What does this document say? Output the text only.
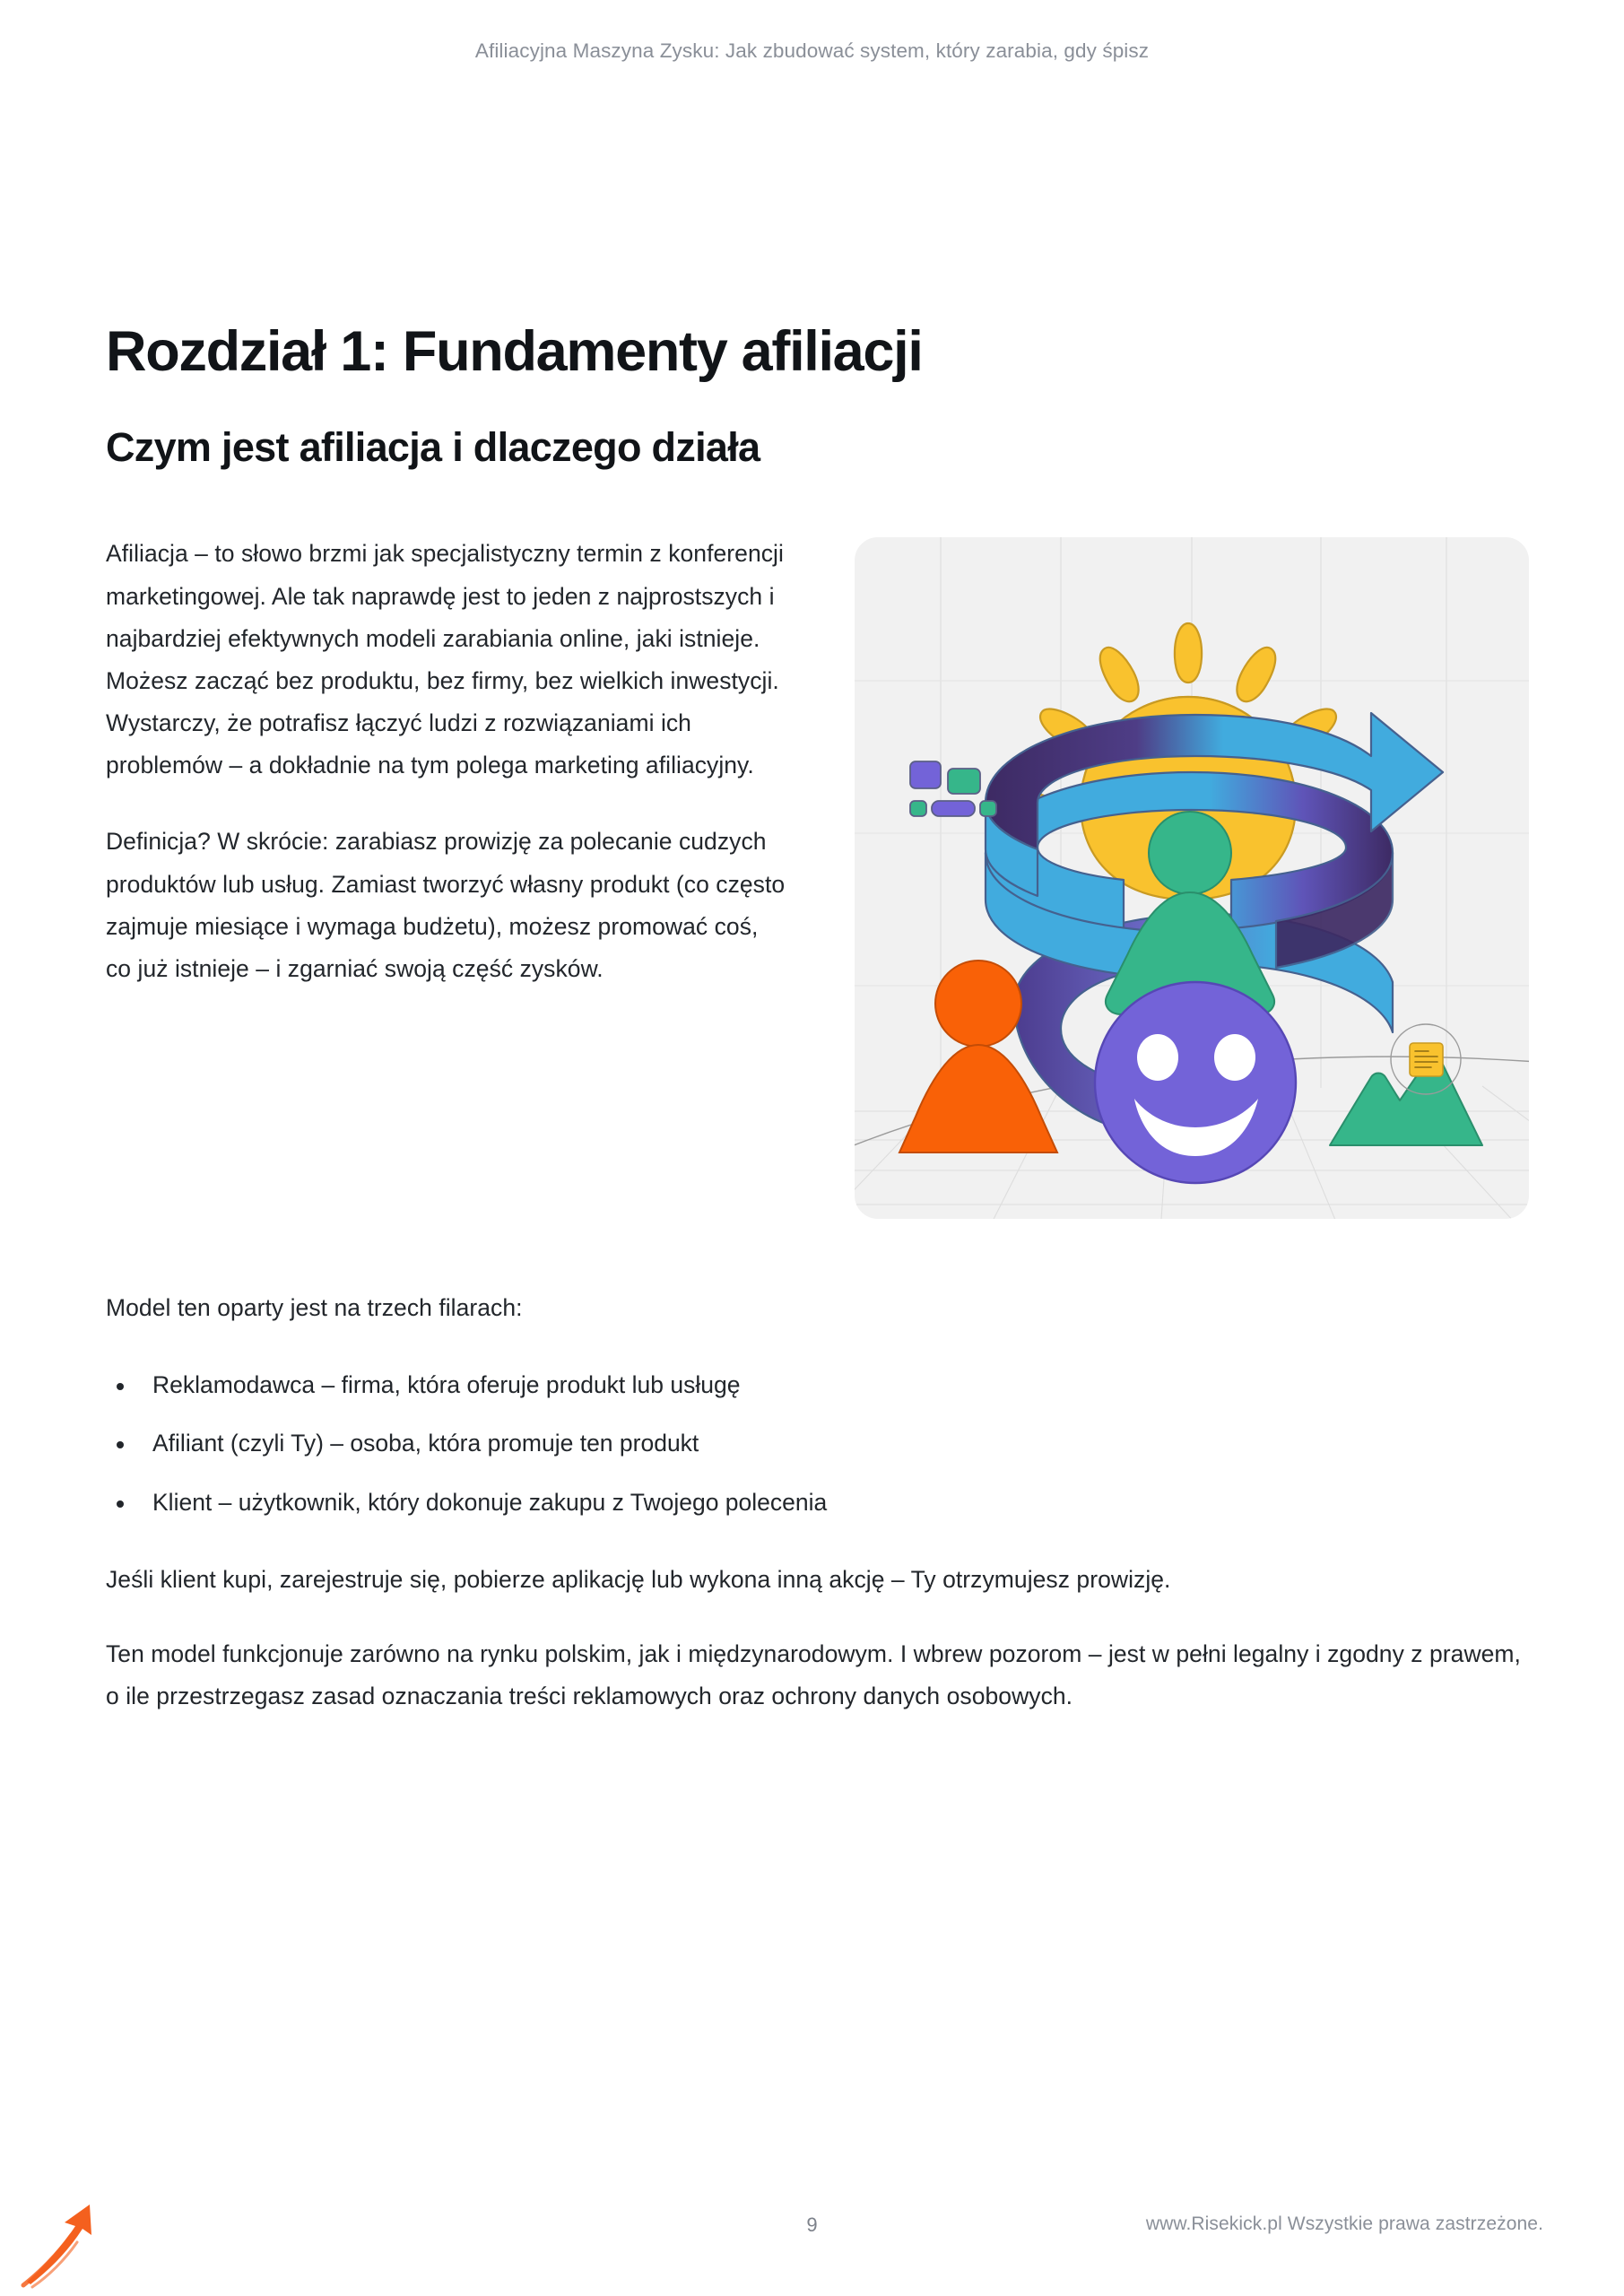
Afiliacyjna Maszyna Zysku: Jak zbudować system, który zarabia, gdy śpisz
Rozdział 1: Fundamenty afiliacji
Czym jest afiliacja i dlaczego działa

Afiliacja – to słowo brzmi jak specjalistyczny termin z konferencji marketingowej. Ale tak naprawdę jest to jeden z najprostszych i najbardziej efektywnych modeli zarabiania online, jaki istnieje. Możesz zacząć bez produktu, bez firmy, bez wielkich inwestycji. Wystarczy, że potrafisz łączyć ludzi z rozwiązaniami ich problemów – a dokładnie na tym polega marketing afiliacyjny.

Definicja? W skrócie: zarabiasz prowizję za polecanie cudzych produktów lub usług. Zamiast tworzyć własny produkt (co często zajmuje miesiące i wymaga budżetu), możesz promować coś, co już istnieje – i zgarniać swoją część zysków.

Model ten oparty jest na trzech filarach:

Reklamodawca – firma, która oferuje produkt lub usługę
Afiliant (czyli Ty) – osoba, która promuje ten produkt
Klient – użytkownik, który dokonuje zakupu z Twojego polecenia

Jeśli klient kupi, zarejestruje się, pobierze aplikację lub wykona inną akcję – Ty otrzymujesz prowizję.

Ten model funkcjonuje zarówno na rynku polskim, jak i międzynarodowym. I wbrew pozorom – jest w pełni legalny i zgodny z prawem, o ile przestrzegasz zasad oznaczania treści reklamowych oraz ochrony danych osobowych.

9	www.Risekick.pl Wszystkie prawa zastrzeżone.
